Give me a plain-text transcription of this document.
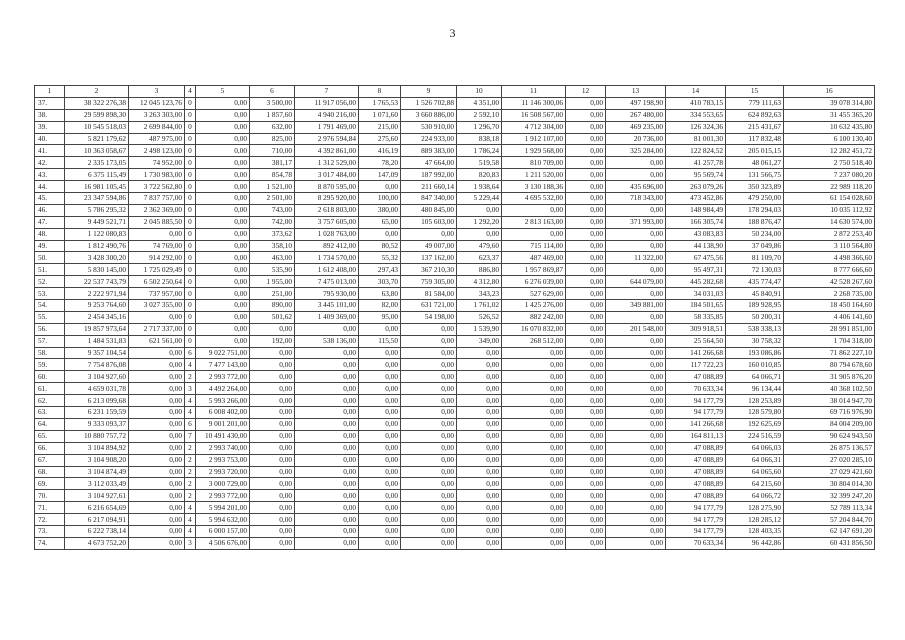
3
1	2	3	4	5	6	7	8	9	10	11	12	13	14	15	16
37.	38 322 276,38	12 045 123,76	0	0,00	3 500,00	11 917 056,00	1 765,53	1 526 702,88	4 351,00	11 146 300,06	0,00	497 198,90	410 783,15	779 111,63	39 078 314,80
38.	29 599 898,30	3 263 303,00	0	0,00	1 857,60	4 940 216,00	1 071,60	3 660 886,00	2 592,10	16 508 567,00	0,00	267 480,00	334 553,65	624 892,63	31 455 365,20
39.	10 545 518,03	2 699 844,00	0	0,00	632,00	1 791 469,00	215,00	530 910,00	1 296,70	4 712 304,00	0,00	469 235,00	126 324,36	215 431,67	10 632 435,80
40.	5 821 179,62	487 975,00	0	0,00	825,00	2 976 594,84	275,60	224 933,00	838,18	1 912 107,00	0,00	20 736,00	81 001,30	117 832,48	6 100 130,40
41.	10 363 058,67	2 498 123,00	0	0,00	710,00	4 392 861,00	416,19	889 383,00	1 786,24	1 929 568,00	0,00	325 284,00	122 824,52	205 015,15	12 282 451,72
42.	2 335 173,05	74 952,00	0	0,00	381,17	1 312 529,00	78,20	47 664,00	519,58	810 709,00	0,00	0,00	41 257,78	48 061,27	2 750 518,40
43.	6 375 115,49	1 730 983,00	0	0,00	854,78	3 017 484,00	147,09	187 992,00	820,83	1 211 520,00	0,00	0,00	95 569,74	131 566,75	7 237 080,20
44.	16 981 105,45	3 722 562,80	0	0,00	1 521,00	8 870 595,00	0,00	211 660,14	1 938,64	3 130 188,36	0,00	435 696,00	263 079,26	350 323,89	22 989 118,20
45.	23 347 594,86	7 837 757,00	0	0,00	2 501,00	8 295 920,00	100,00	847 340,00	5 229,44	4 695 532,00	0,00	718 343,00	473 452,86	479 250,00	61 154 028,60
46.	5 786 295,32	2 362 369,00	0	0,00	743,00	2 618 803,00	380,00	480 845,00	0,00	0,00	0,00	0,00	148 984,49	178 294,03	10 035 112,92
47.	9 449 521,71	2 045 885,50	0	0,00	742,00	3 757 605,00	65,00	105 603,00	1 292,20	2 813 163,00	0,00	371 993,00	166 305,74	188 876,47	14 630 574,00
48.	1 122 080,83	0,00	0	0,00	373,62	1 028 763,00	0,00	0,00	0,00	0,00	0,00	0,00	43 083,83	50 234,00	2 872 253,40
49.	1 812 490,76	74 769,00	0	0,00	358,10	892 412,00	80,52	49 007,00	479,60	715 114,00	0,00	0,00	44 138,90	37 049,86	3 110 564,80
50.	3 428 300,20	914 292,00	0	0,00	463,00	1 734 570,00	55,32	137 162,00	623,37	487 469,00	0,00	11 322,00	67 475,56	81 109,70	4 498 366,60
51.	5 830 145,00	1 725 029,49	0	0,00	535,90	1 612 408,00	297,43	367 210,30	886,80	1 957 869,87	0,00	0,00	95 497,31	72 130,03	8 777 666,60
52.	22 537 743,79	6 502 250,64	0	0,00	1 955,00	7 475 013,00	303,70	759 305,00	4 312,80	6 276 039,00	0,00	644 079,00	445 282,68	435 774,47	42 528 267,60
53.	2 222 971,94	737 957,00	0	0,00	251,00	795 930,00	63,80	81 584,00	343,23	527 629,00	0,00	0,00	34 031,03	45 840,91	2 268 735,00
54.	9 253 764,60	3 027 355,00	0	0,00	890,00	3 445 101,00	82,00	631 721,00	1 761,02	1 425 276,00	0,00	349 881,00	184 501,65	189 928,95	18 450 164,60
55.	2 454 345,16	0,00	0	0,00	501,62	1 409 369,00	95,00	54 198,00	526,52	882 242,00	0,00	0,00	58 335,85	50 200,31	4 406 141,60
56.	19 857 973,64	2 717 337,00	0	0,00	0,00	0,00	0,00	0,00	1 539,90	16 070 832,00	0,00	201 548,00	309 918,51	538 338,13	28 991 851,00
57.	1 484 531,83	621 561,00	0	0,00	192,00	538 136,00	115,50	0,00	349,00	268 512,00	0,00	0,00	25 564,50	30 758,32	1 704 318,00
58.	9 357 104,54	0,00	6	9 022 751,00	0,00	0,00	0,00	0,00	0,00	0,00	0,00	0,00	141 266,68	193 086,86	71 862 227,10
59.	7 754 876,08	0,00	4	7 477 143,00	0,00	0,00	0,00	0,00	0,00	0,00	0,00	0,00	117 722,23	160 010,85	80 794 678,60
60.	3 104 927,60	0,00	2	2 993 772,00	0,00	0,00	0,00	0,00	0,00	0,00	0,00	0,00	47 088,89	64 066,71	31 905 876,20
61.	4 659 031,78	0,00	3	4 492 264,00	0,00	0,00	0,00	0,00	0,00	0,00	0,00	0,00	70 633,34	96 134,44	40 368 102,50
62.	6 213 099,68	0,00	4	5 993 266,00	0,00	0,00	0,00	0,00	0,00	0,00	0,00	0,00	94 177,79	128 253,89	38 014 947,70
63.	6 231 159,59	0,00	4	6 008 402,00	0,00	0,00	0,00	0,00	0,00	0,00	0,00	0,00	94 177,79	128 579,80	69 716 976,90
64.	9 333 093,37	0,00	6	9 001 201,00	0,00	0,00	0,00	0,00	0,00	0,00	0,00	0,00	141 266,68	192 625,69	84 004 209,00
65.	10 880 757,72	0,00	7	10 491 430,00	0,00	0,00	0,00	0,00	0,00	0,00	0,00	0,00	164 811,13	224 516,59	90 624 943,50
66.	3 104 894,92	0,00	2	2 993 740,00	0,00	0,00	0,00	0,00	0,00	0,00	0,00	0,00	47 088,89	64 066,03	26 875 136,57
67.	3 104 908,20	0,00	2	2 993 753,00	0,00	0,00	0,00	0,00	0,00	0,00	0,00	0,00	47 088,89	64 066,31	27 020 285,10
68.	3 104 874,49	0,00	2	2 993 720,00	0,00	0,00	0,00	0,00	0,00	0,00	0,00	0,00	47 088,89	64 065,60	27 029 421,60
69.	3 112 033,49	0,00	2	3 000 729,00	0,00	0,00	0,00	0,00	0,00	0,00	0,00	0,00	47 088,89	64 215,60	30 804 014,30
70.	3 104 927,61	0,00	2	2 993 772,00	0,00	0,00	0,00	0,00	0,00	0,00	0,00	0,00	47 088,89	64 066,72	32 399 247,20
71.	6 216 654,69	0,00	4	5 994 201,00	0,00	0,00	0,00	0,00	0,00	0,00	0,00	0,00	94 177,79	128 275,90	52 789 113,34
72.	6 217 094,91	0,00	4	5 994 632,00	0,00	0,00	0,00	0,00	0,00	0,00	0,00	0,00	94 177,79	128 285,12	57 204 844,70
73.	6 222 738,14	0,00	4	6 000 157,00	0,00	0,00	0,00	0,00	0,00	0,00	0,00	0,00	94 177,79	128 403,35	62 147 691,20
74.	4 673 752,20	0,00	3	4 506 676,00	0,00	0,00	0,00	0,00	0,00	0,00	0,00	0,00	70 633,34	96 442,86	60 431 856,50
